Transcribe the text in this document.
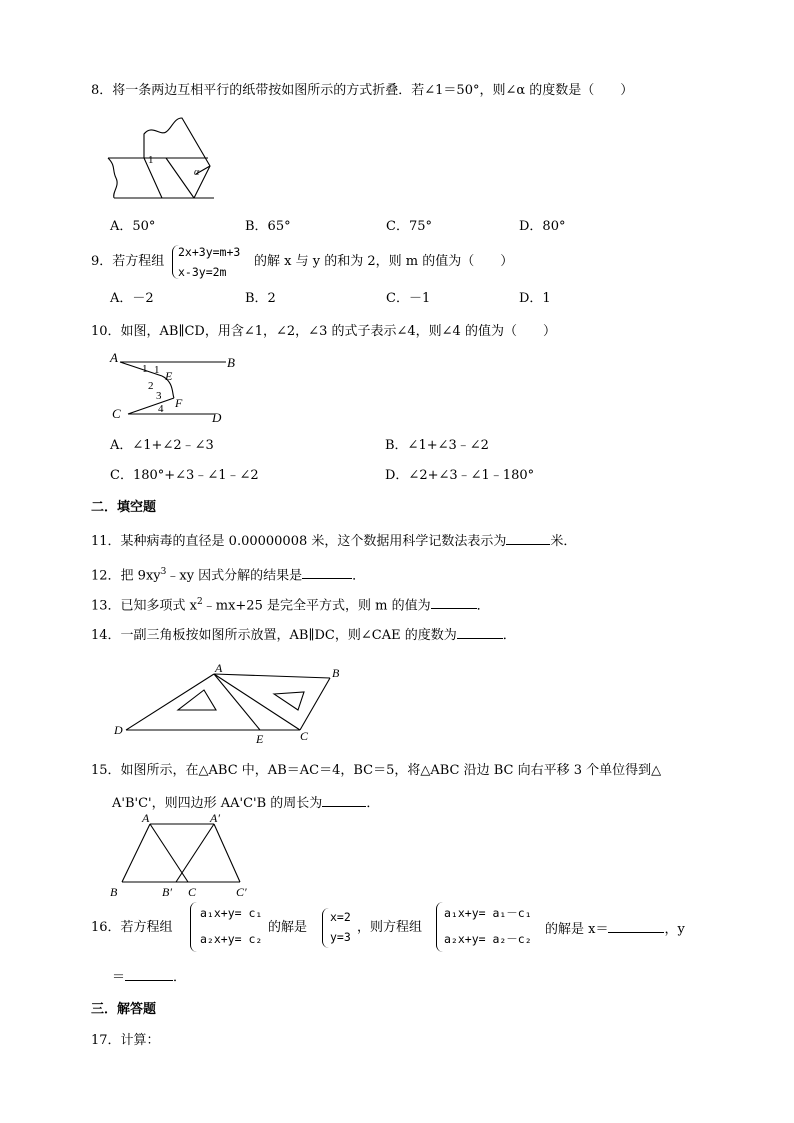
8．将一条两边互相平行的纸带按如图所示的方式折叠．若∠1＝50°，则∠α 的度数是（　　）
1
α
A．50°	B．65°	C．75°	D．80°
9．若方程组
2x+3y=m+3
x-3y=2m
的解 x 与 y 的和为 2，则 m 的值为（　　）
A．－2	B．2	C．－1	D．1
10．如图，AB∥CD，用含∠1，∠2，∠3 的式子表示∠4，则∠4 的值为（　　）
A	B
C	D
E
F
1 1
2
3
4
A．∠1+∠2﹣∠3	B．∠1+∠3﹣∠2
C．180°+∠3﹣∠1﹣∠2	D．∠2+∠3﹣∠1﹣180°
二．填空题
11．某种病毒的直径是 0.00000008 米，这个数据用科学记数法表示为	米．
12．把 $9xy^3﹣xy$ 因式分解的结果是	．
13．已知多项式 $x^2﹣mx+25$ 是完全平方式，则 m 的值为	．
14．一副三角板按如图所示放置，AB∥DC，则∠CAE 的度数为	．
A	B
C
D
E
15．如图所示，在△ABC 中，AB＝AC＝4，BC＝5，将△ABC 沿边 BC 向右平移 3 个单位得到△
A'B'C'，则四边形 AA'C'B 的周长为	．
A	A′
B	B′ C	C′
16．若方程组
a₁x+y= c₁
a₂x+y= c₂
的解是
x=2
y=3
，则方程组
a₁x+y= a₁－c₁
a₂x+y= a₂－c₂
的解是 x＝	，y
＝	．
三．解答题
17．计算：
